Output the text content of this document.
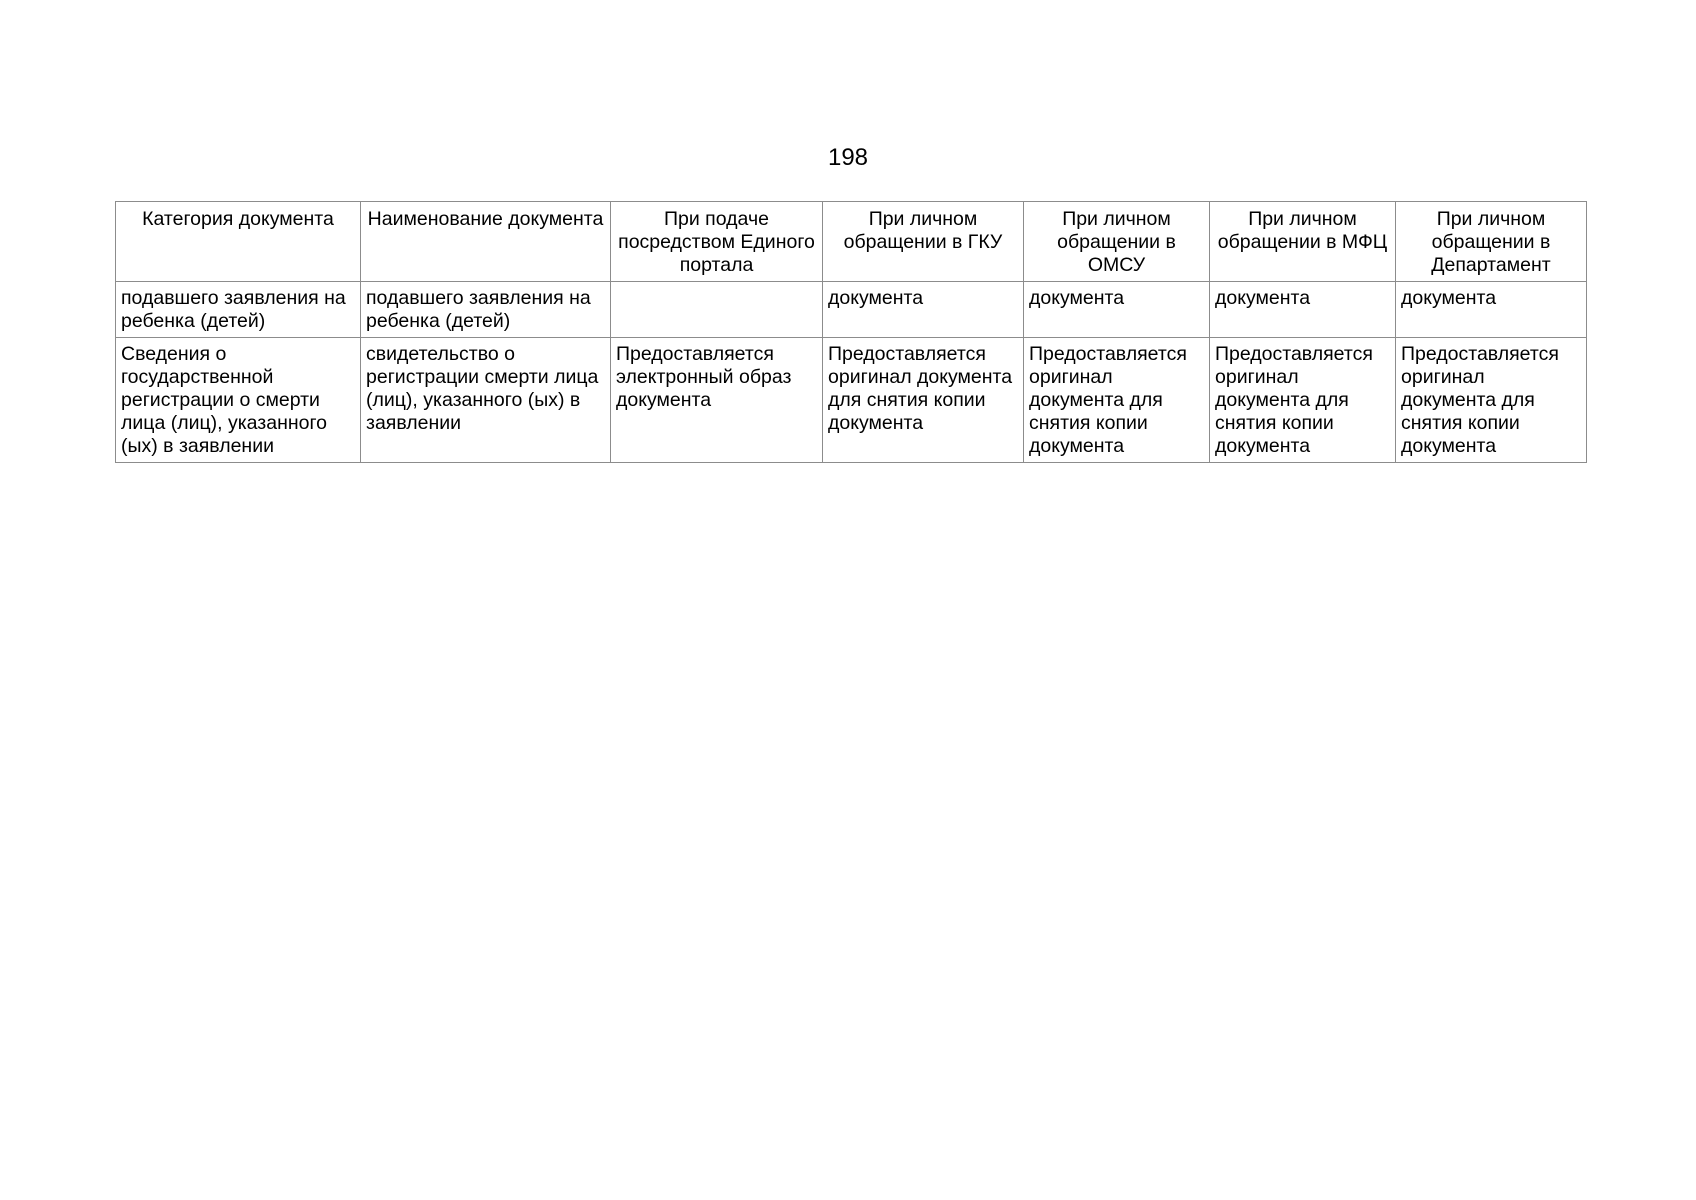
198
Категория документа	Наименование документа	При подаче посредством Единого портала	При личном обращении в ГКУ	При личном обращении в ОМСУ	При личном обращении в МФЦ	При личном обращении в Департамент
подавшего заявления на ребенка (детей)	подавшего заявления на ребенка (детей)		документа	документа	документа	документа
Сведения о государственной регистрации о смерти лица (лиц), указанного (ых) в заявлении	свидетельство о регистрации смерти лица (лиц), указанного (ых) в заявлении	Предоставляется электронный образ документа	Предоставляется оригинал документа для снятия копии документа	Предоставляется оригинал документа для снятия копии документа	Предоставляется оригинал документа для снятия копии документа	Предоставляется оригинал документа для снятия копии документа
